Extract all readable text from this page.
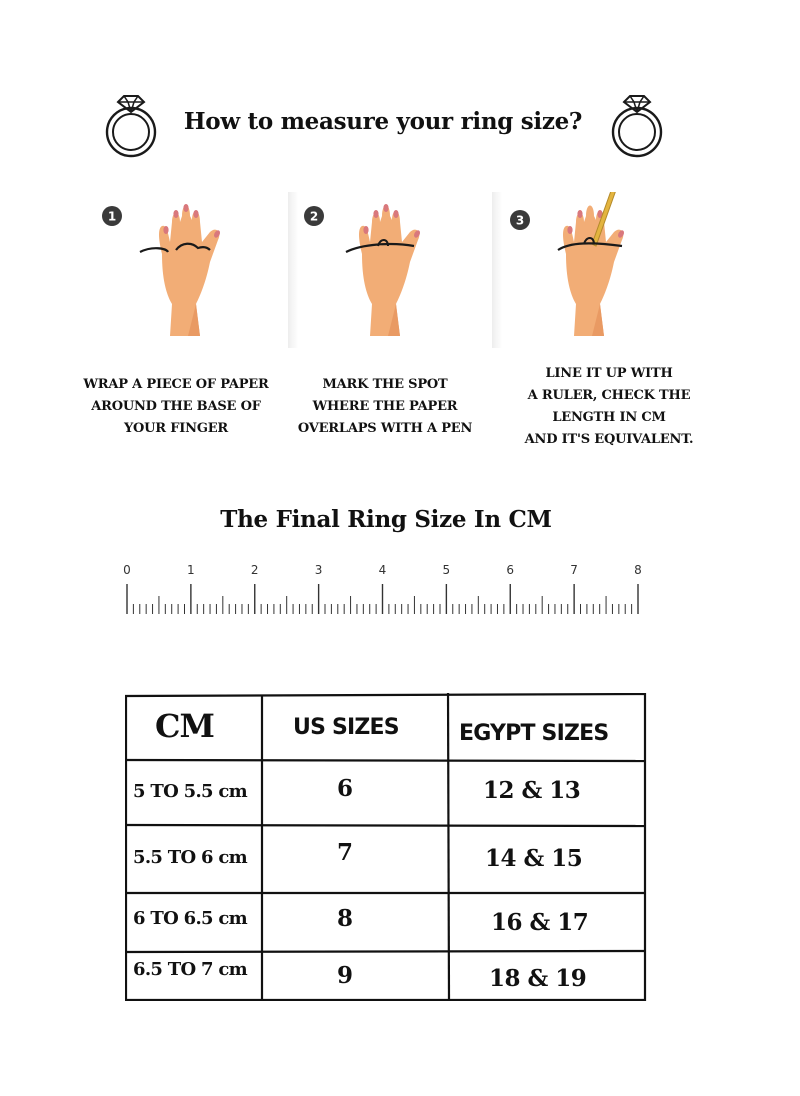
How to measure your ring size?
1	2	3
WRAP A PIECE OF PAPER
AROUND THE BASE OF
YOUR FINGER
MARK THE SPOT
WHERE THE PAPER
OVERLAPS WITH A PEN
LINE IT UP WITH
A RULER, CHECK THE
LENGTH IN CM
AND IT'S EQUIVALENT.
The Final Ring Size In CM
0	1	2	3	4	5	6	7	8
CM	US SIZES	EGYPT SIZES
5 TO 5.5 cm	6	12 & 13
5.5 TO 6 cm	7	14 & 15
6 TO 6.5 cm	8	16 & 17
6.5 TO 7 cm	9	18 & 19
